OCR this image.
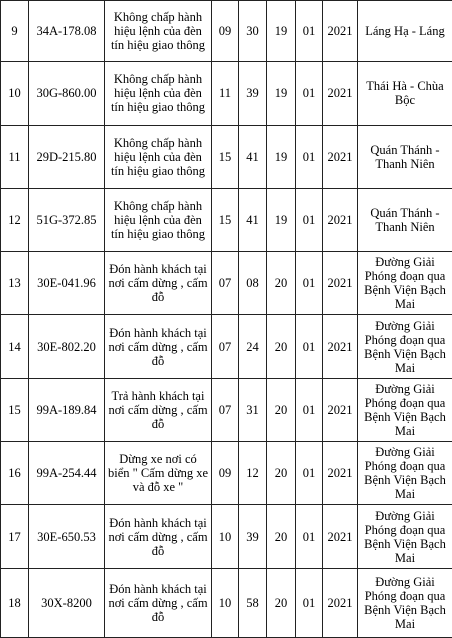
9	34A-178.08	Không chấp hành hiệu lệnh của đèn tín hiệu giao thông	09	30	19	01	2021	Láng Hạ - Láng
10	30G-860.00	Không chấp hành hiệu lệnh của đèn tín hiệu giao thông	11	39	19	01	2021	Thái Hà - Chùa Bộc
11	29D-215.80	Không chấp hành hiệu lệnh của đèn tín hiệu giao thông	15	41	19	01	2021	Quán Thánh - Thanh Niên
12	51G-372.85	Không chấp hành hiệu lệnh của đèn tín hiệu giao thông	15	41	19	01	2021	Quán Thánh - Thanh Niên
13	30E-041.96	Đón hành khách tại nơi cấm dừng , cấm đỗ	07	08	20	01	2021	Đường Giải Phóng đoạn qua Bệnh Viện Bạch Mai
14	30E-802.20	Đón hành khách tại nơi cấm dừng , cấm đỗ	07	24	20	01	2021	Đường Giải Phóng đoạn qua Bệnh Viện Bạch Mai
15	99A-189.84	Trả hành khách tại nơi cấm dừng , cấm đỗ	07	31	20	01	2021	Đường Giải Phóng đoạn qua Bệnh Viện Bạch Mai
16	99A-254.44	Dừng xe nơi có biển " Cấm dừng xe và đỗ xe "	09	12	20	01	2021	Đường Giải Phóng đoạn qua Bệnh Viện Bạch Mai
17	30E-650.53	Đón hành khách tại nơi cấm dừng , cấm đỗ	10	39	20	01	2021	Đường Giải Phóng đoạn qua Bệnh Viện Bạch Mai
18	30X-8200	Đón hành khách tại nơi cấm dừng , cấm đỗ	10	58	20	01	2021	Đường Giải Phóng đoạn qua Bệnh Viện Bạch Mai
